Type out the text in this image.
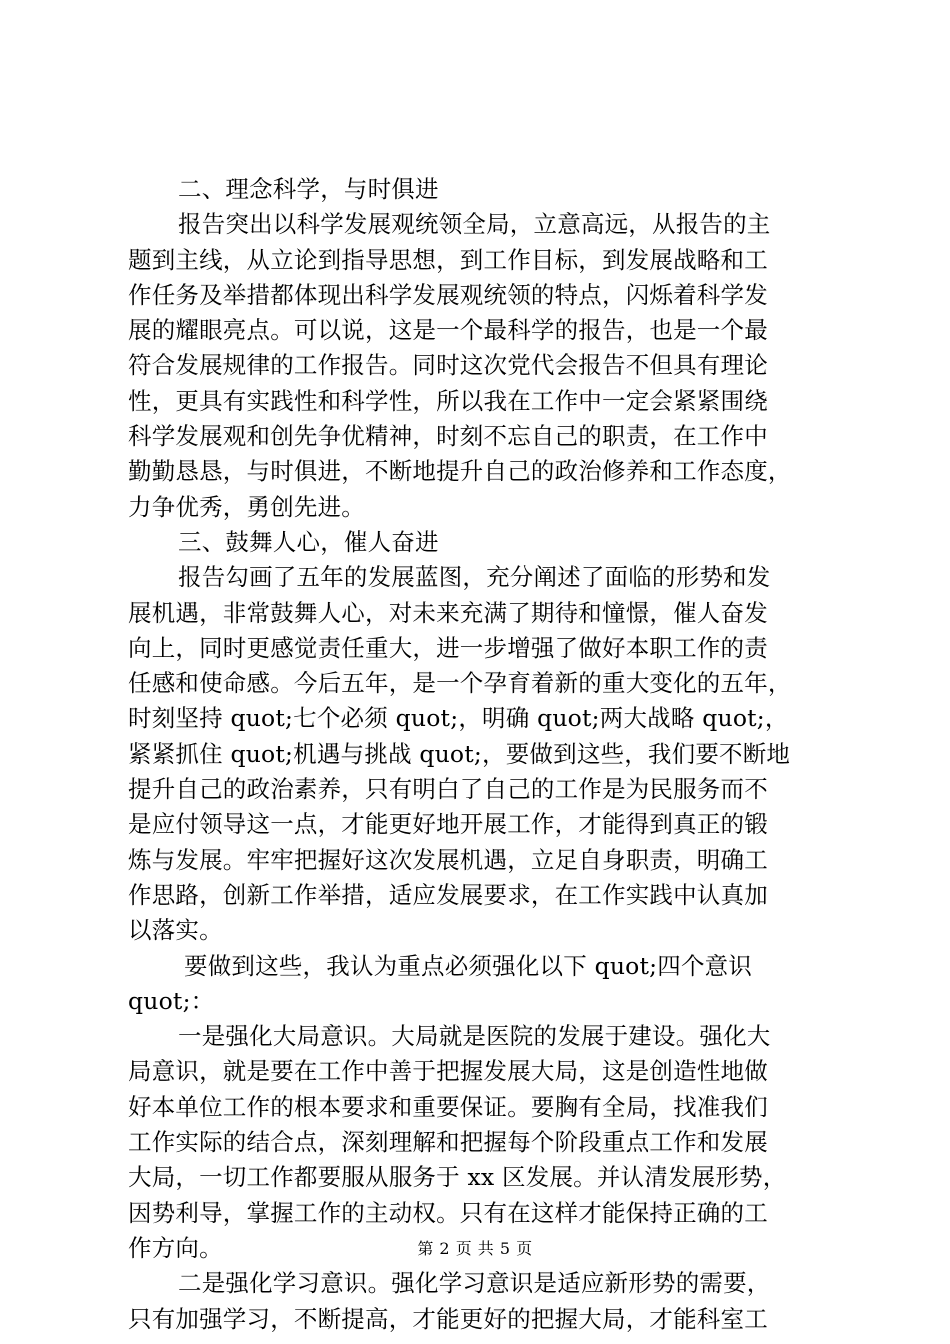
二、理念科学，与时俱进
报告突出以科学发展观统领全局，立意高远，从报告的主
题到主线，从立论到指导思想，到工作目标，到发展战略和工
作任务及举措都体现出科学发展观统领的特点，闪烁着科学发
展的耀眼亮点。可以说，这是一个最科学的报告，也是一个最
符合发展规律的工作报告。同时这次党代会报告不但具有理论
性，更具有实践性和科学性，所以我在工作中一定会紧紧围绕
科学发展观和创先争优精神，时刻不忘自己的职责，在工作中
勤勤恳恳，与时俱进，不断地提升自己的政治修养和工作态度，
力争优秀，勇创先进。
三、鼓舞人心，催人奋进
报告勾画了五年的发展蓝图，充分阐述了面临的形势和发
展机遇，非常鼓舞人心，对未来充满了期待和憧憬，催人奋发
向上，同时更感觉责任重大，进一步增强了做好本职工作的责
任感和使命感。今后五年，是一个孕育着新的重大变化的五年，
时刻坚持 quot;七个必须 quot;，明确 quot;两大战略 quot;，
紧紧抓住 quot;机遇与挑战 quot;，要做到这些，我们要不断地
提升自己的政治素养，只有明白了自己的工作是为民服务而不
是应付领导这一点，才能更好地开展工作，才能得到真正的锻
炼与发展。牢牢把握好这次发展机遇，立足自身职责，明确工
作思路，创新工作举措，适应发展要求，在工作实践中认真加
以落实。
要做到这些，我认为重点必须强化以下 quot;四个意识
quot;：
一是强化大局意识。大局就是医院的发展于建设。强化大
局意识，就是要在工作中善于把握发展大局，这是创造性地做
好本单位工作的根本要求和重要保证。要胸有全局，找准我们
工作实际的结合点，深刻理解和把握每个阶段重点工作和发展
大局，一切工作都要服从服务于 xx 区发展。并认清发展形势，
因势利导，掌握工作的主动权。只有在这样才能保持正确的工
作方向。
二是强化学习意识。强化学习意识是适应新形势的需要，
只有加强学习，不断提高，才能更好的把握大局，才能科室工
第 2 页 共 5 页
